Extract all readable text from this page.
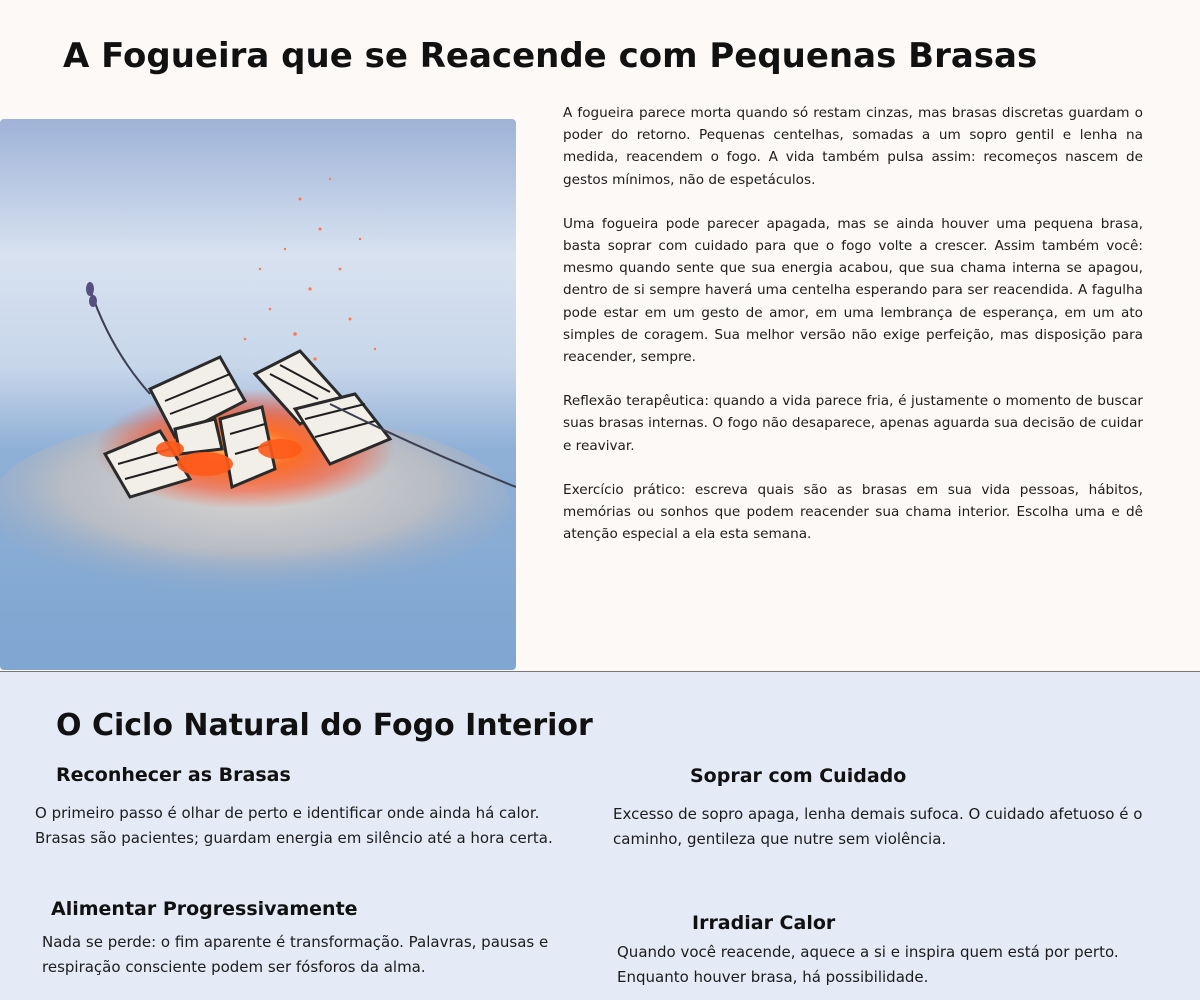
A Fogueira que se Reacende com Pequenas Brasas

A fogueira parece morta quando só restam cinzas, mas brasas discretas guardam o poder do retorno. Pequenas centelhas, somadas a um sopro gentil e lenha na medida, reacendem o fogo. A vida também pulsa assim: recomeços nascem de gestos mínimos, não de espetáculos.

Uma fogueira pode parecer apagada, mas se ainda houver uma pequena brasa, basta soprar com cuidado para que o fogo volte a crescer. Assim também você: mesmo quando sente que sua energia acabou, que sua chama interna se apagou, dentro de si sempre haverá uma centelha esperando para ser reacendida. A fagulha pode estar em um gesto de amor, em uma lembrança de esperança, em um ato simples de coragem. Sua melhor versão não exige perfeição, mas disposição para reacender, sempre.

Reflexão terapêutica: quando a vida parece fria, é justamente o momento de buscar suas brasas internas. O fogo não desaparece, apenas aguarda sua decisão de cuidar e reavivar.

Exercício prático: escreva quais são as brasas em sua vida pessoas, hábitos, memórias ou sonhos que podem reacender sua chama interior. Escolha uma e dê atenção especial a ela esta semana.

O Ciclo Natural do Fogo Interior
Reconhecer as Brasas

O primeiro passo é olhar de perto e identificar onde ainda há calor. Brasas são pacientes; guardam energia em silêncio até a hora certa.

Soprar com Cuidado

Excesso de sopro apaga, lenha demais sufoca. O cuidado afetuoso é o caminho, gentileza que nutre sem violência.

Alimentar Progressivamente

Nada se perde: o fim aparente é transformação. Palavras, pausas e respiração consciente podem ser fósforos da alma.

Irradiar Calor

Quando você reacende, aquece a si e inspira quem está por perto. Enquanto houver brasa, há possibilidade.
